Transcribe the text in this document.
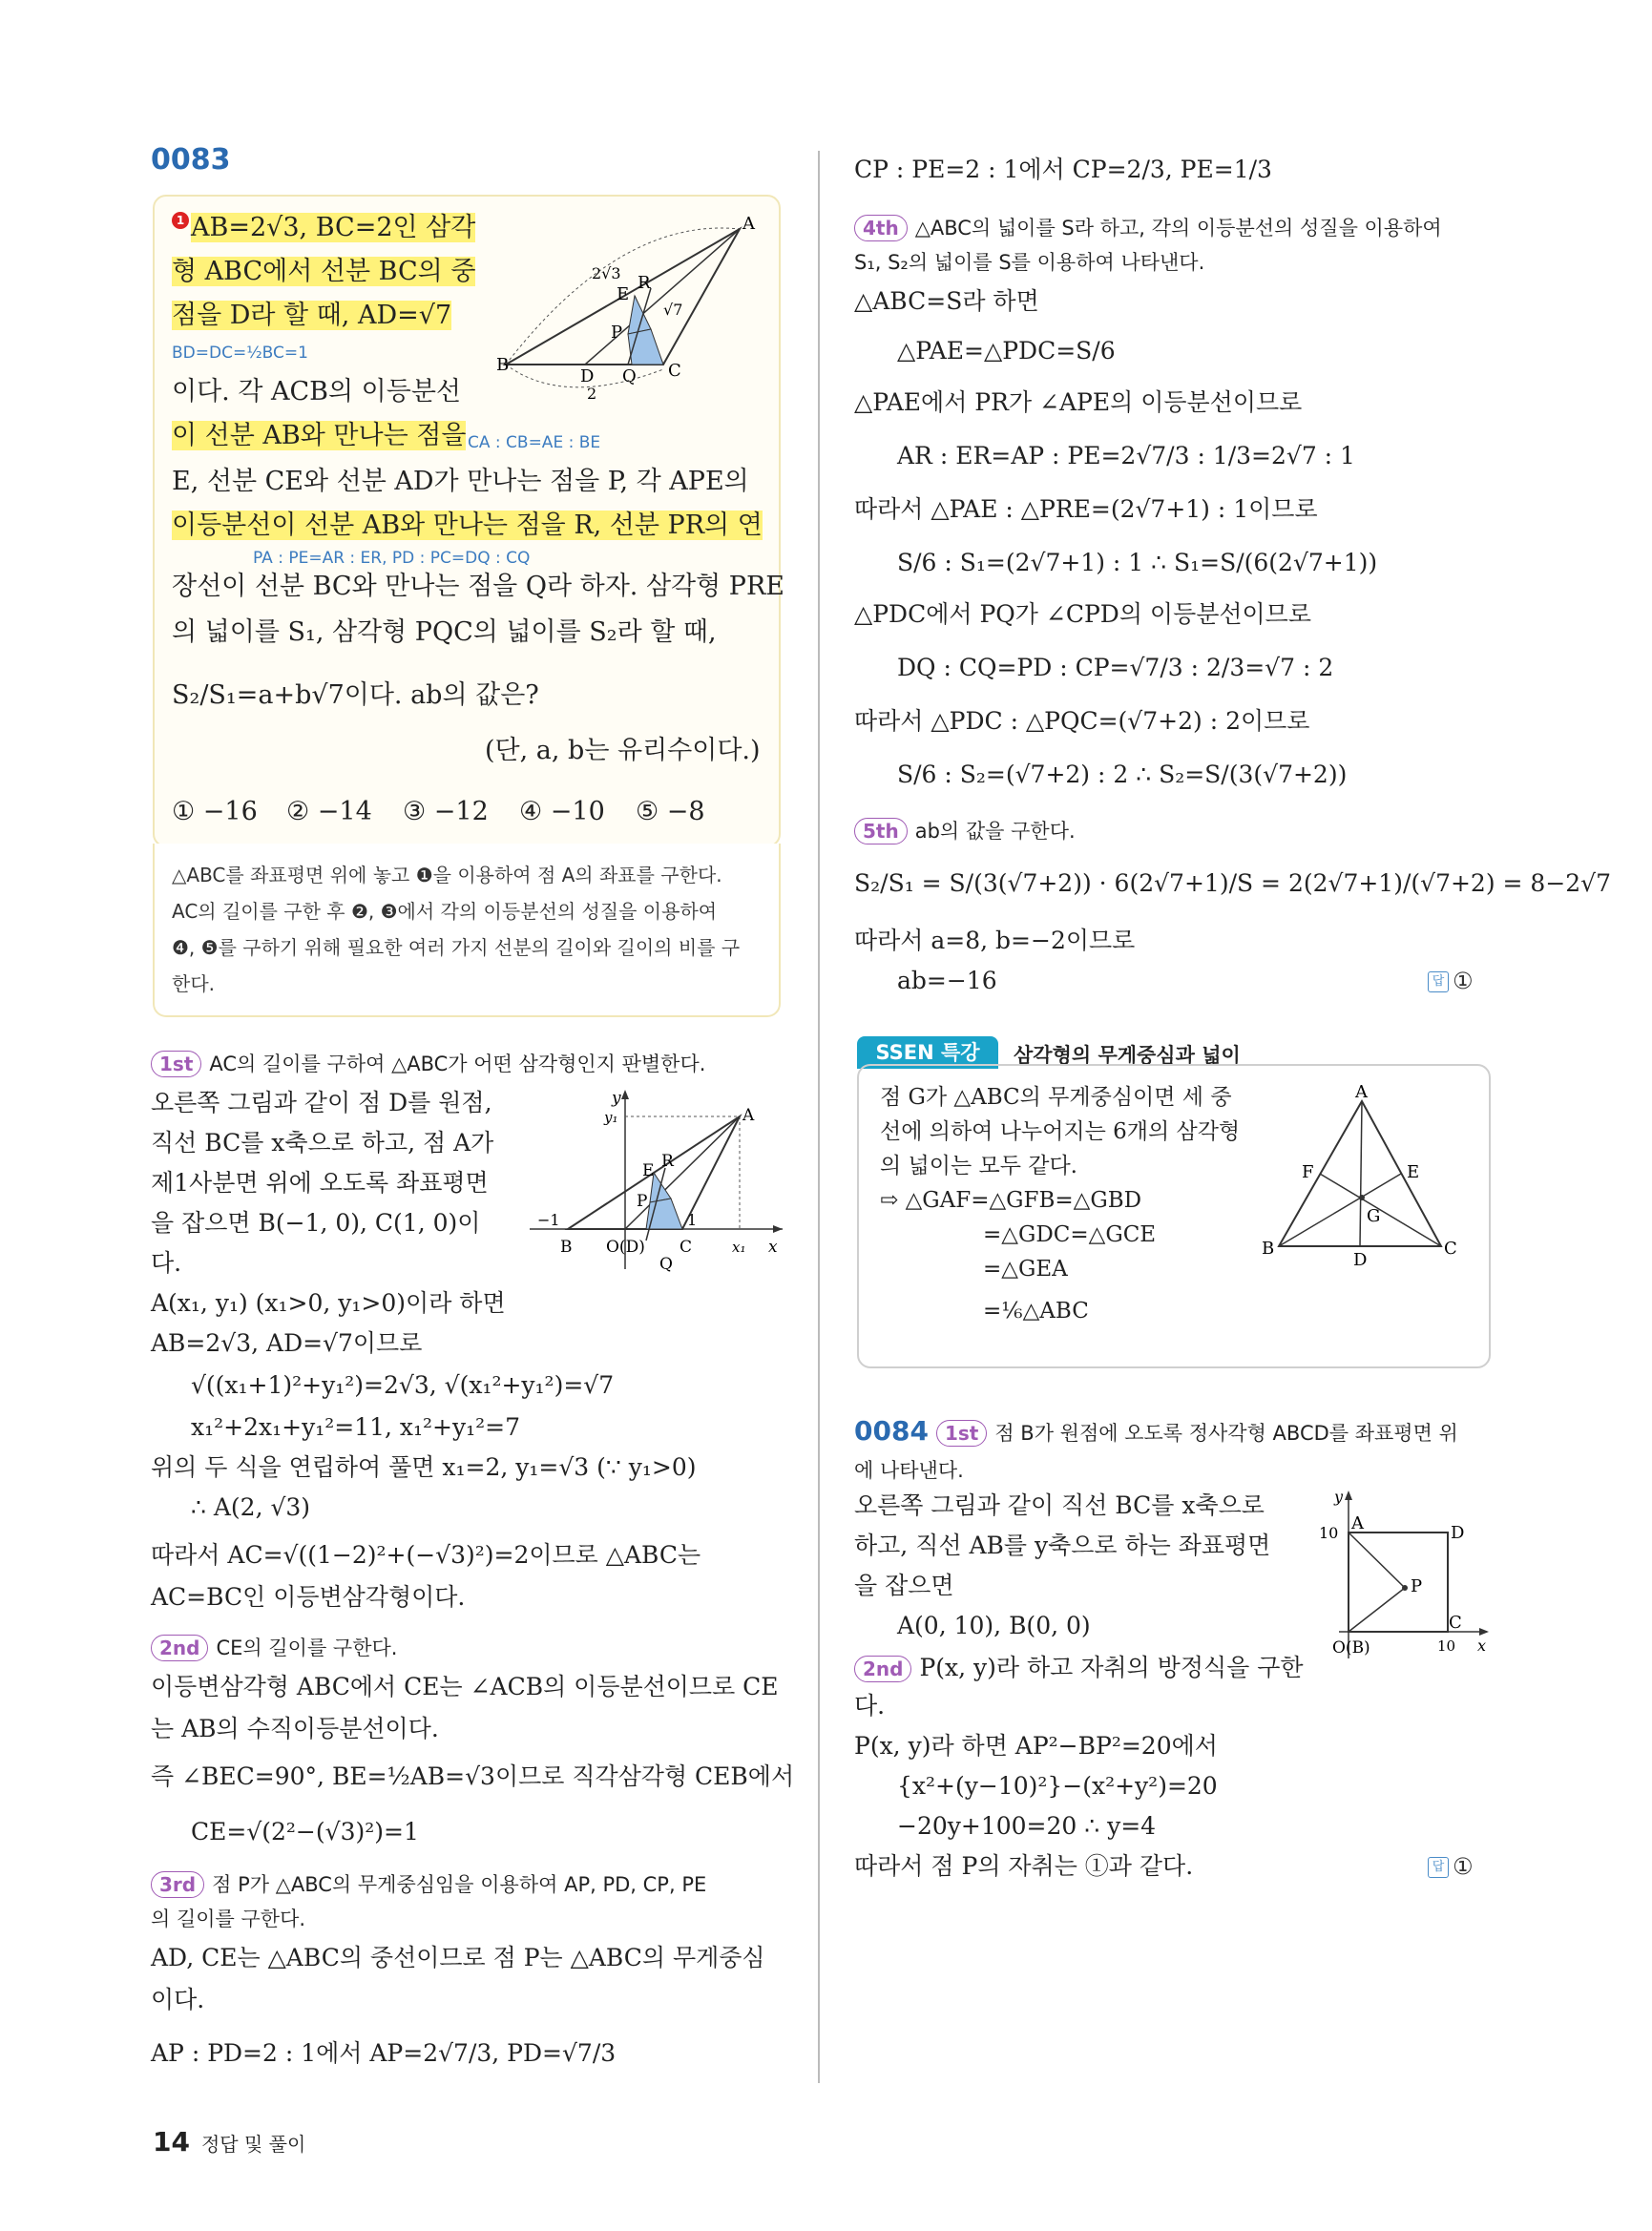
0083
1 AB=2√3, BC=2인 삼각
형 ABC에서 선분 BC의 중
점을 D라 할 때, AD=√7
BD=DC=½BC=1
이다. 각 ACB의 이등분선
이 선분 AB와 만나는 점을 CA : CB=AE : BE
E, 선분 CE와 선분 AD가 만나는 점을 P, 각 APE의
이등분선이 선분 AB와 만나는 점을 R, 선분 PR의 연
PA : PE=AR : ER, PD : PC=DQ : CQ
장선이 선분 BC와 만나는 점을 Q라 하자. 삼각형 PRE
의 넓이를 S₁, 삼각형 PQC의 넓이를 S₂라 할 때,
S₂/S₁=a+b√7이다. ab의 값은?
(단, a, b는 유리수이다.)
① −16 ② −14 ③ −12 ④ −10 ⑤ −8
A
B	C
D Q
E
R
P
2√3
2
√7
△ABC를 좌표평면 위에 놓고 ❶을 이용하여 점 A의 좌표를 구한다.
AC의 길이를 구한 후 ❷, ❸에서 각의 이등분선의 성질을 이용하여
❹, ❺를 구하기 위해 필요한 여러 가지 선분의 길이와 길이의 비를 구
한다.
1st AC의 길이를 구하여 △ABC가 어떤 삼각형인지 판별한다.
오른쪽 그림과 같이 점 D를 원점,
직선 BC를 x축으로 하고, 점 A가
제1사분면 위에 오도록 좌표평면
을 잡으면 B(−1, 0), C(1, 0)이
다.
A(x₁, y₁) (x₁>0, y₁>0)이라 하면
AB=2√3, AD=√7이므로
√((x₁+1)²+y₁²)=2√3, √(x₁²+y₁²)=√7
x₁²+2x₁+y₁²=11, x₁²+y₁²=7
위의 두 식을 연립하여 풀면 x₁=2, y₁=√3 (∵ y₁>0)
∴ A(2, √3)
따라서 AC=√((1−2)²+(−√3)²)=2이므로 △ABC는
AC=BC인 이등변삼각형이다.
y
y₁
x
x₁
A
E R
P
−1	1
B O(D) C
Q
2nd CE의 길이를 구한다.
이등변삼각형 ABC에서 CE는 ∠ACB의 이등분선이므로 CE
는 AB의 수직이등분선이다.
즉 ∠BEC=90°, BE=½AB=√3이므로 직각삼각형 CEB에서
CE=√(2²−(√3)²)=1
3rd 점 P가 △ABC의 무게중심임을 이용하여 AP, PD, CP, PE
의 길이를 구한다.
AD, CE는 △ABC의 중선이므로 점 P는 △ABC의 무게중심
이다.
AP : PD=2 : 1에서 AP=2√7/3, PD=√7/3
CP : PE=2 : 1에서 CP=2/3, PE=1/3
4th △ABC의 넓이를 S라 하고, 각의 이등분선의 성질을 이용하여
S₁, S₂의 넓이를 S를 이용하여 나타낸다.
△ABC=S라 하면
△PAE=△PDC=S/6
△PAE에서 PR가 ∠APE의 이등분선이므로
AR : ER=AP : PE=2√7/3 : 1/3=2√7 : 1
따라서 △PAE : △PRE=(2√7+1) : 1이므로
S/6 : S₁=(2√7+1) : 1 ∴ S₁=S/(6(2√7+1))
△PDC에서 PQ가 ∠CPD의 이등분선이므로
DQ : CQ=PD : CP=√7/3 : 2/3=√7 : 2
따라서 △PDC : △PQC=(√7+2) : 2이므로
S/6 : S₂=(√7+2) : 2 ∴ S₂=S/(3(√7+2))
5th ab의 값을 구한다.
S₂/S₁ = S/(3(√7+2)) · 6(2√7+1)/S = 2(2√7+1)/(√7+2) = 8−2√7
따라서 a=8, b=−2이므로
ab=−16	답 ①
SSEN 특강	삼각형의 무게중심과 넓이
점 G가 △ABC의 무게중심이면 세 중
선에 의하여 나누어지는 6개의 삼각형
의 넓이는 모두 같다.
⇨ △GAF=△GFB=△GBD
=△GDC=△GCE
=△GEA
=⅙△ABC
A
B	C
D
E
F
G
0084 1st 점 B가 원점에 오도록 정사각형 ABCD를 좌표평면 위
에 나타낸다.
오른쪽 그림과 같이 직선 BC를 x축으로
하고, 직선 AB를 y축으로 하는 좌표평면
을 잡으면
A(0, 10), B(0, 0)
2nd P(x, y)라 하고 자취의 방정식을 구한
다.
P(x, y)라 하면 AP²−BP²=20에서
{x²+(y−10)²}−(x²+y²)=20
−20y+100=20 ∴ y=4
따라서 점 P의 자취는 ①과 같다.	답 ①
y
10 A	D
P
C
O(B)	10 x
14 정답 및 풀이
